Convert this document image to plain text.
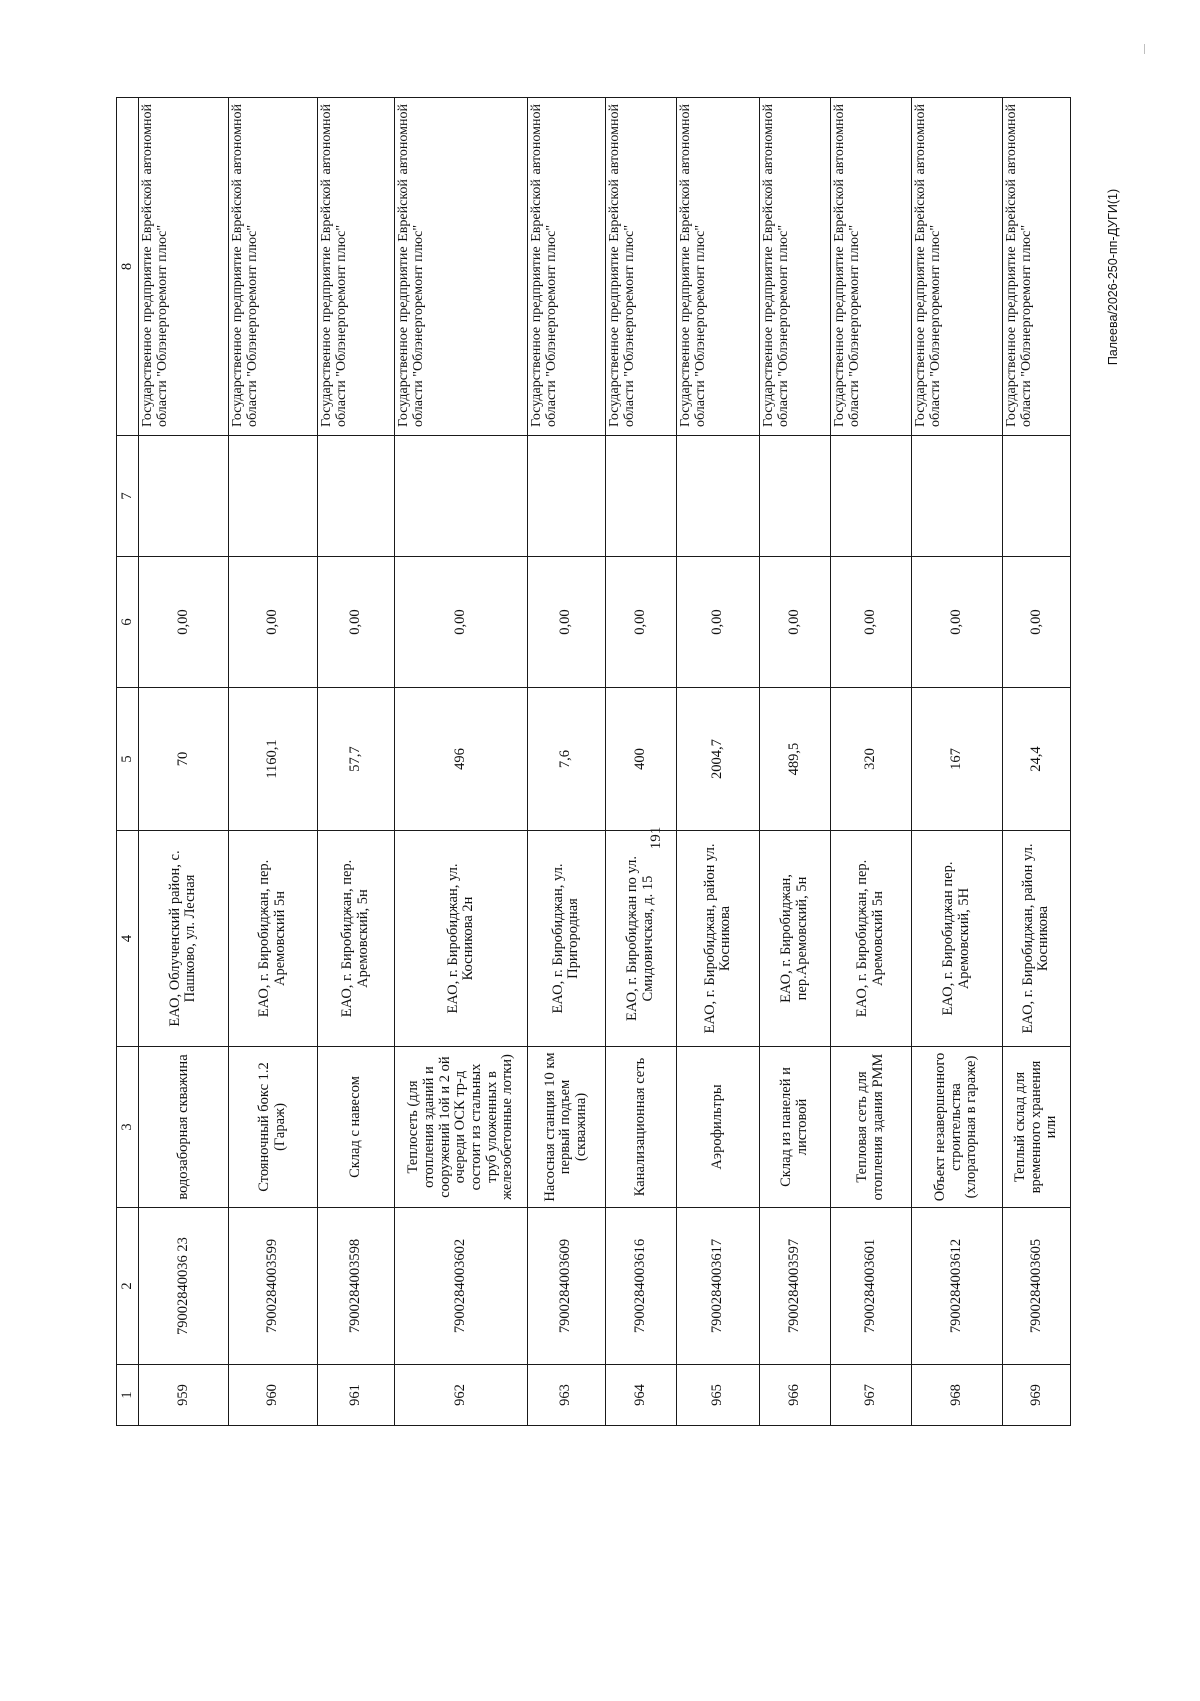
191
1	2	3	4	5	6	7	8
959	79002840036 23	водозаборная скважина	ЕАО, Облученский район, с. Пашково, ул. Лесная	70	0,00		Государственное предприятие Еврейской автономной области "Облэнергоремонт плюс"
960	7900284003599	Стояночный бокс 1.2 (Гараж)	ЕАО, г. Биробиджан, пер. Аремовский 5н	1160,1	0,00		Государственное предприятие Еврейской автономной области "Облэнергоремонт плюс"
961	7900284003598	Склад с навесом	ЕАО, г. Биробиджан, пер. Аремовский, 5н	57,7	0,00		Государственное предприятие Еврейской автономной области "Облэнергоремонт плюс"
962	7900284003602	Теплосеть (для отопления зданий и сооружений 1ой и 2 ой очереди ОСК тр-д состоит из стальных труб уложенных в железобетонные лотки)	ЕАО, г. Биробиджан, ул. Косникова 2н	496	0,00		Государственное предприятие Еврейской автономной области "Облэнергоремонт плюс"
963	7900284003609	Насосная станция 10 км первый подъем (скважина)	ЕАО, г. Биробиджан, ул. Пригородная	7,6	0,00		Государственное предприятие Еврейской автономной области "Облэнергоремонт плюс"
964	7900284003616	Канализационная сеть	ЕАО, г. Биробиджан по ул. Смидовичская, д. 15	400	0,00		Государственное предприятие Еврейской автономной области "Облэнергоремонт плюс"
965	7900284003617	Аэрофильтры	ЕАО, г. Биробиджан, район ул. Косникова	2004,7	0,00		Государственное предприятие Еврейской автономной области "Облэнергоремонт плюс"
966	7900284003597	Склад из панелей и листовой	ЕАО, г. Биробиджан, пер.Аремовский, 5н	489,5	0,00		Государственное предприятие Еврейской автономной области "Облэнергоремонт плюс"
967	7900284003601	Тепловая сеть для отопления здания РММ	ЕАО, г. Биробиджан, пер. Аремовский 5н	320	0,00		Государственное предприятие Еврейской автономной области "Облэнергоремонт плюс"
968	7900284003612	Объект незавершенного строительства (хлораторная в гараже)	ЕАО, г. Биробиджан пер. Аремовский, 5Н	167	0,00		Государственное предприятие Еврейской автономной области "Облэнергоремонт плюс"
969	7900284003605	Теплый склад для временного хранения или	ЕАО, г. Биробиджан, район ул. Косникова	24,4	0,00		Государственное предприятие Еврейской автономной области "Облэнергоремонт плюс"	Палеева/2026-250-пп-ДУГИ(1)
